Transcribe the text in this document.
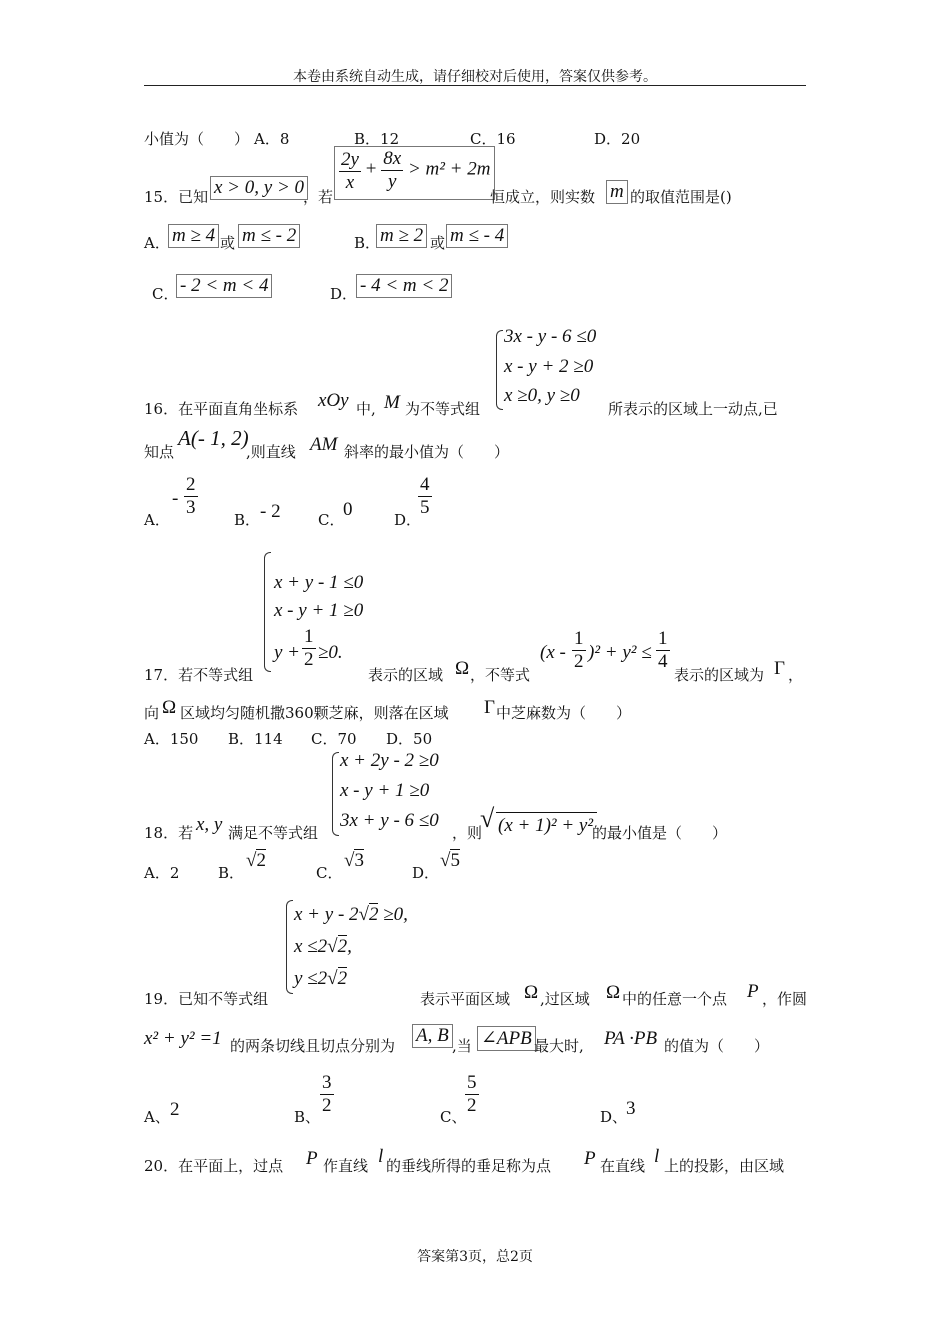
本卷由系统自动生成，请仔细校对后使用，答案仅供参考。
小值为（　　） A．8	B．12	C．16	D．20
15．已知 x > 0, y > 0
，若
$\frac{2y}{x} + \frac{8x}{y} > m^2 + 2m$
恒成立，则实数 m 的取值范围是()
A． m ≥ 4 或 m ≤ - 2	B． m ≥ 2 或 m ≤ - 4
C． - 2 < m < 4	D． - 4 < m < 2
3x - y - 6 ≤0
x - y + 2 ≥0
x ≥0, y ≥0
16．在平面直角坐标系 xOy 中, M 为不等式组	所表示的区域上一动点,已
知点
A(- 1, 2)
,则直线 AM 斜率的最小值为（　　）
A．
- $\frac{2}{3}$
B． - 2 C．
0	D．
$\frac{4}{5}$
x + y - 1 ≤0
x - y + 1 ≥0
$y + \frac{1}{2} \ge 0$.
17．若不等式组	表示的区域 Ω ，不等式
$(x - \frac{1}{2} )^2 + y^2 \le \frac{1}{4}$
表示的区域为 Γ ，
向 Ω 区域均匀随机撒360颗芝麻，则落在区域 Γ 中芝麻数为（　　）
A．150 B．114 C．70 D．50
x + 2y - 2 ≥0
x - y + 1 ≥0
3x + y - 6 ≤0
18．若 x, y 满足不等式组	，则
√ (x + 1)² + y²
的最小值是（　　）
A．2	B．
√2
C．
√3
D．
√5
x + y - 2√2 ≥0,
x ≤2√2,
y ≤2√2
19．已知不等式组	表示平面区域 Ω ,过区域 Ω 中的任意一个点 P ，作圆
x² + y² =1 的两条切线且切点分别为 A, B ,当 ∠APB 最大时, PA ·PB 的值为（　　）
A、 2	B、 $\frac{3}{2}$	C、
$\frac{5}{2}$	D、
3
20．在平面上，过点 P 作直线 l 的垂线所得的垂足称为点 P 在直线 l 上的投影，由区域
答案第3页，总2页
